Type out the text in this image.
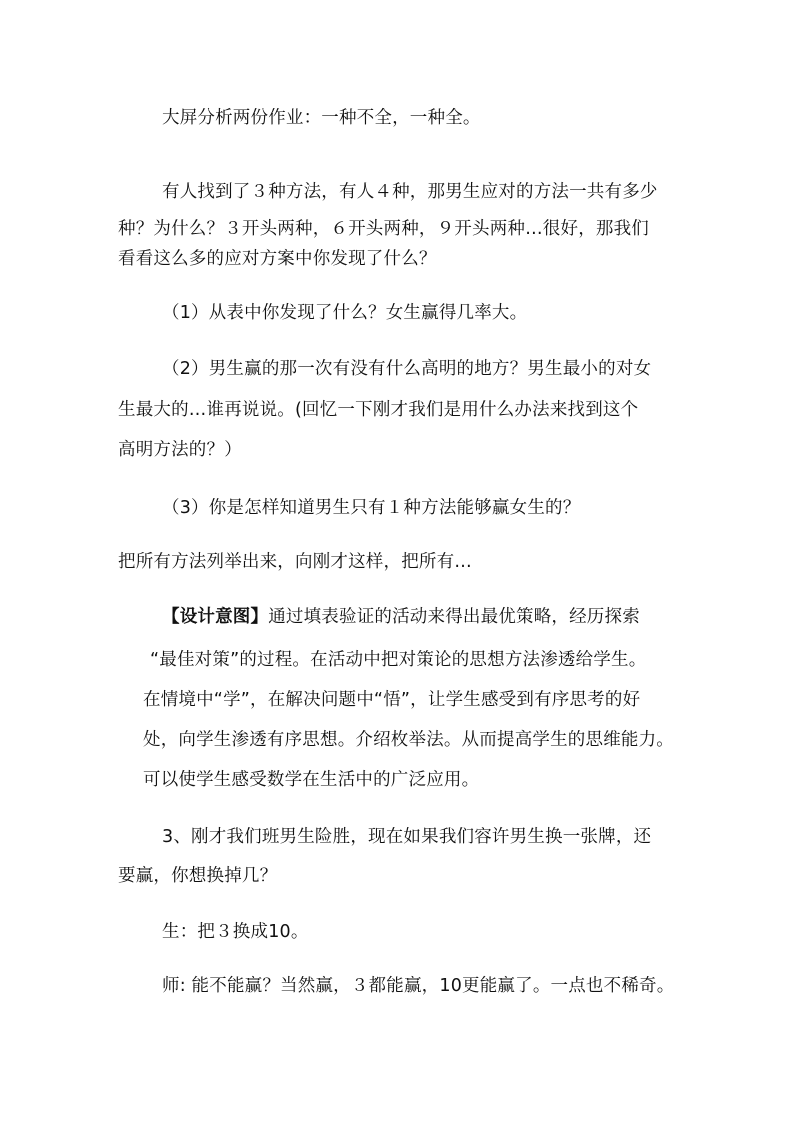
大屏分析两份作业：一种不全，一种全。
有人找到了３种方法，有人４种，那男生应对的方法一共有多少
种？为什么？３开头两种，６开头两种，９开头两种…很好，那我们
看看这么多的应对方案中你发现了什么？
（1）从表中你发现了什么？女生赢得几率大。
（2）男生赢的那一次有没有什么高明的地方？男生最小的对女
生最大的…谁再说说。(回忆一下刚才我们是用什么办法来找到这个
高明方法的？）
（3）你是怎样知道男生只有１种方法能够赢女生的？
把所有方法列举出来，向刚才这样，把所有…
【设计意图】通过填表验证的活动来得出最优策略，经历探索
“最佳对策”的过程。在活动中把对策论的思想方法渗透给学生。
在情境中“学”，在解决问题中“悟”，让学生感受到有序思考的好
处，向学生渗透有序思想。介绍枚举法。从而提高学生的思维能力。
可以使学生感受数学在生活中的广泛应用。
3、刚才我们班男生险胜，现在如果我们容许男生换一张牌，还
要赢，你想换掉几？
生：把３换成10。
师: 能不能赢？当然赢，３都能赢，10更能赢了。一点也不稀奇。
